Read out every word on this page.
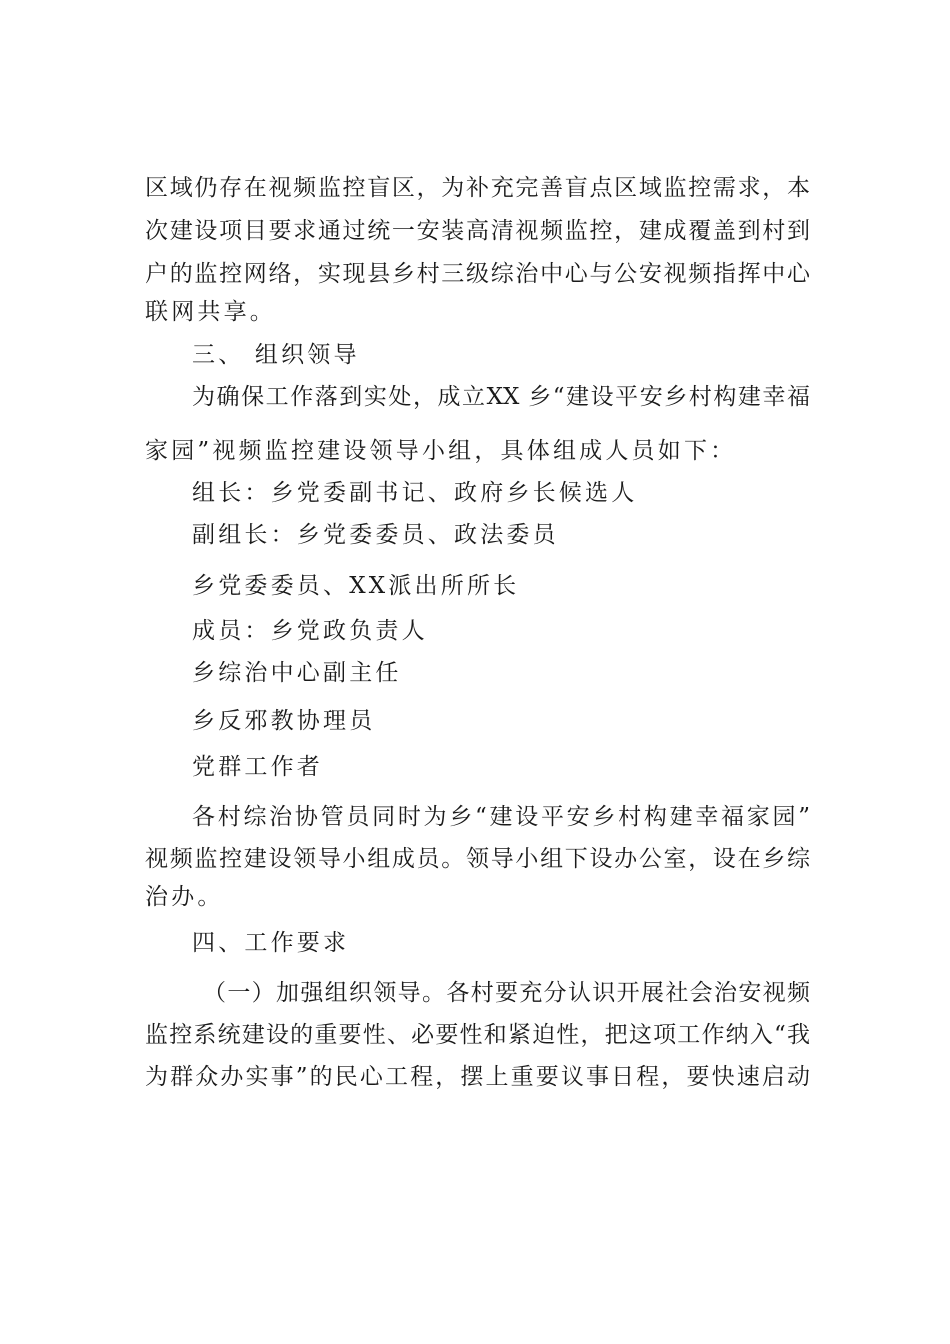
区域仍存在视频监控盲区，为补充完善盲点区域监控需求，本
次建设项目要求通过统一安装高清视频监控，建成覆盖到村到
户的监控网络，实现县乡村三级综治中心与公安视频指挥中心
联网共享。
三、 组织领导
为确保工作落到实处，成立XX 乡“建设平安乡村构建幸福
家园”视频监控建设领导小组，具体组成人员如下：
组长：乡党委副书记、政府乡长候选人
副组长：乡党委委员、政法委员
乡党委委员、XX派出所所长
成员：乡党政负责人
乡综治中心副主任
乡反邪教协理员
党群工作者
各村综治协管员同时为乡“建设平安乡村构建幸福家园”
视频监控建设领导小组成员。领导小组下设办公室，设在乡综
治办。
四、工作要求
（一）加强组织领导。各村要充分认识开展社会治安视频
监控系统建设的重要性、必要性和紧迫性，把这项工作纳入“我
为群众办实事”的民心工程，摆上重要议事日程，要快速启动
